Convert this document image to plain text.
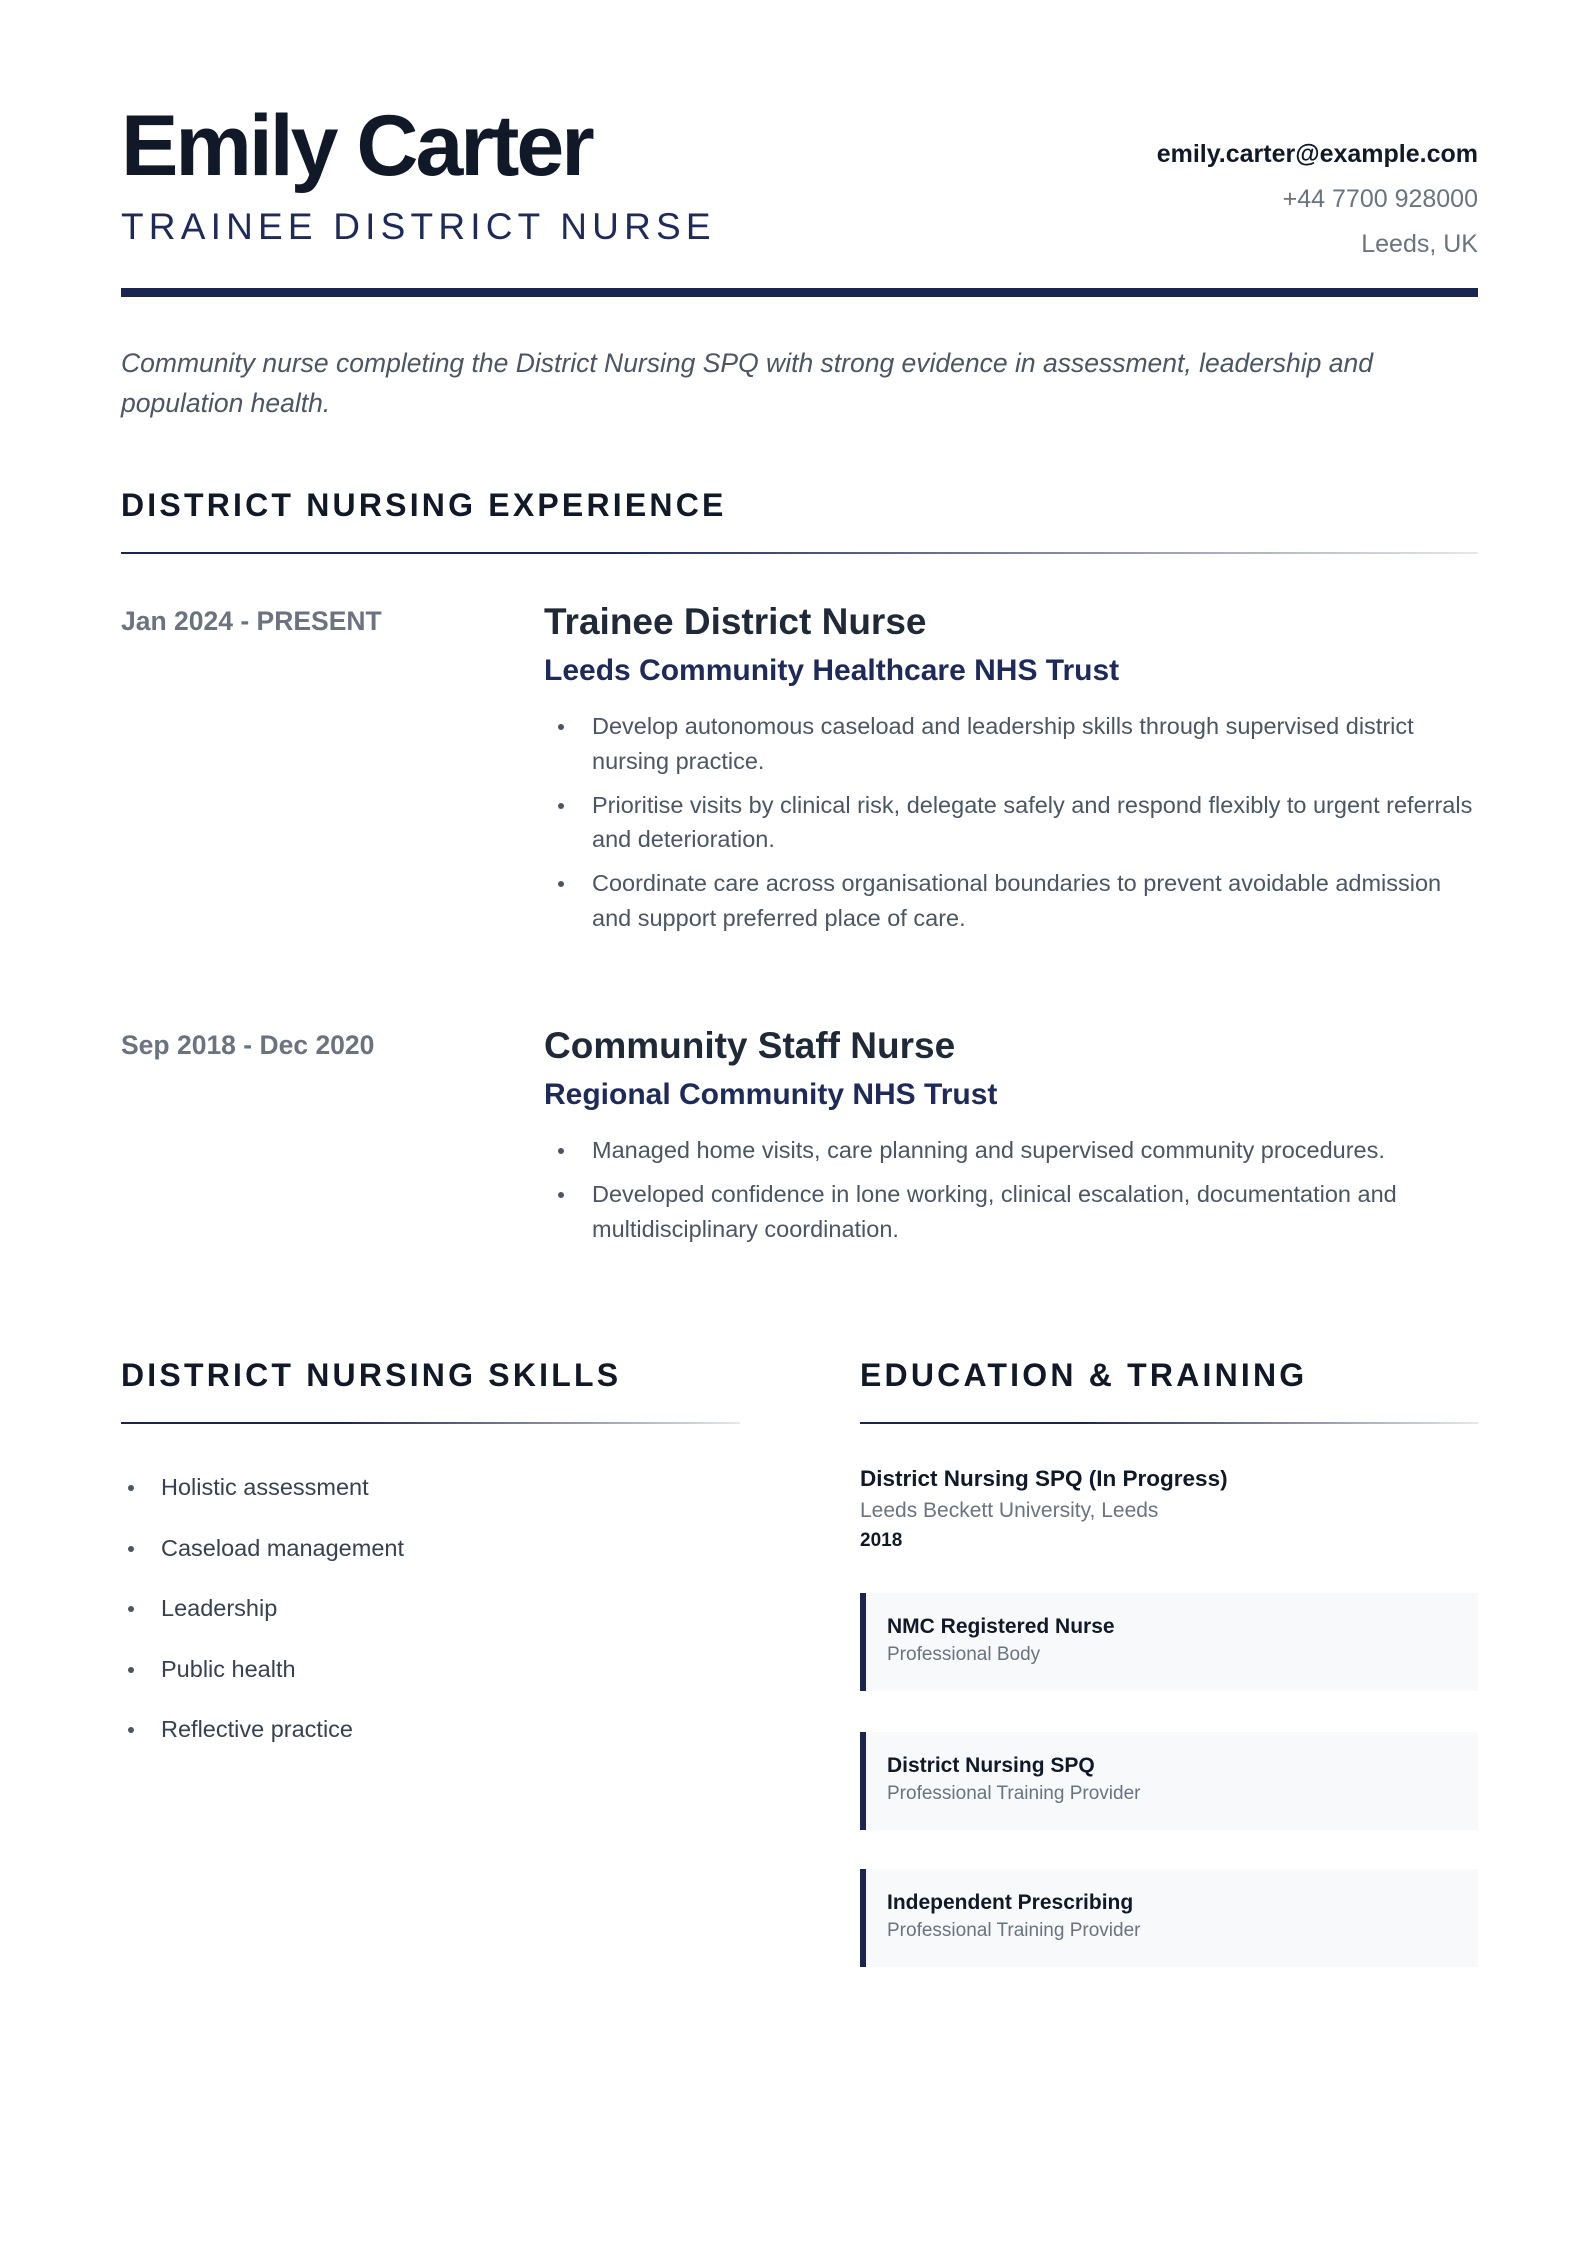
Emily Carter
TRAINEE DISTRICT NURSE
emily.carter@example.com
+44 7700 928000
Leeds, UK

Community nurse completing the District Nursing SPQ with strong evidence in assessment, leadership and population health.

DISTRICT NURSING EXPERIENCE
Jan 2024 - PRESENT	Trainee District Nurse
Leeds Community Healthcare NHS Trust
Develop autonomous caseload and leadership skills through supervised district nursing practice.
Prioritise visits by clinical risk, delegate safely and respond flexibly to urgent referrals and deterioration.
Coordinate care across organisational boundaries to prevent avoidable admission and support preferred place of care.
Sep 2018 - Dec 2020	Community Staff Nurse
Regional Community NHS Trust
Managed home visits, care planning and supervised community procedures.
Developed confidence in lone working, clinical escalation, documentation and multidisciplinary coordination.
DISTRICT NURSING SKILLS
Holistic assessment
Caseload management
Leadership
Public health
Reflective practice
EDUCATION & TRAINING
District Nursing SPQ (In Progress)
Leeds Beckett University, Leeds
2018
NMC Registered Nurse
Professional Body
District Nursing SPQ
Professional Training Provider
Independent Prescribing
Professional Training Provider
